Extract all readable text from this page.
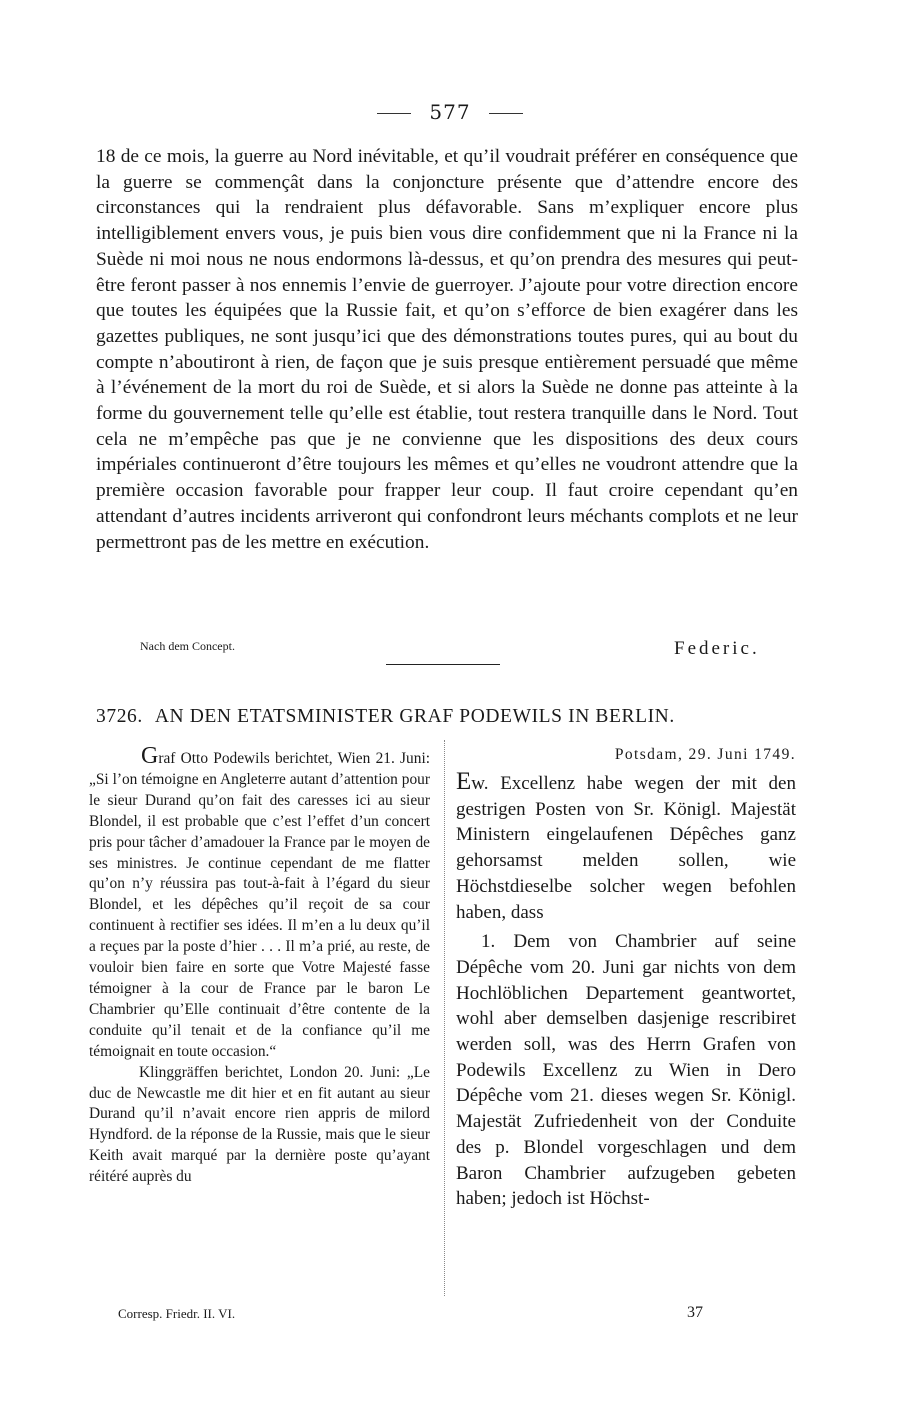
577

18 de ce mois, la guerre au Nord inévitable, et qu’il voudrait préférer en conséquence que la guerre se commençât dans la conjoncture présente que d’attendre encore des circonstances qui la rendraient plus défavorable. Sans m’expliquer encore plus intelligiblement envers vous, je puis bien vous dire confidemment que ni la France ni la Suède ni moi nous ne nous endormons là-dessus, et qu’on prendra des mesures qui peut-être feront passer à nos ennemis l’envie de guerroyer. J’ajoute pour votre direction encore que toutes les équipées que la Russie fait, et qu’on s’efforce de bien exagérer dans les gazettes publiques, ne sont jusqu’ici que des démonstrations toutes pures, qui au bout du compte n’aboutiront à rien, de façon que je suis presque entièrement persuadé que même à l’événement de la mort du roi de Suède, et si alors la Suède ne donne pas atteinte à la forme du gouvernement telle qu’elle est établie, tout restera tranquille dans le Nord. Tout cela ne m’empêche pas que je ne convienne que les dispositions des deux cours impériales continueront d’être toujours les mêmes et qu’elles ne voudront attendre que la première occasion favorable pour frapper leur coup. Il faut croire cependant qu’en attendant d’autres incidents arriveront qui confondront leurs méchants complots et ne leur permettront pas de les mettre en exécution.

Nach dem Concept.	Federic.
3726. AN DEN ETATSMINISTER GRAF PODEWILS IN BERLIN.

Graf Otto Podewils berichtet, Wien 21. Juni: „Si l’on témoigne en Angleterre autant d’attention pour le sieur Durand qu’on fait des caresses ici au sieur Blondel, il est probable que c’est l’effet d’un concert pris pour tâcher d’amadouer la France par le moyen de ses ministres. Je continue cependant de me flatter qu’on n’y réussira pas tout-à-fait à l’égard du sieur Blondel, et les dépêches qu’il reçoit de sa cour continuent à rectifier ses idées. Il m’en a lu deux qu’il a reçues par la poste d’hier . . . Il m’a prié, au reste, de vouloir bien faire en sorte que Votre Majesté fasse témoigner à la cour de France par le baron Le Chambrier qu’Elle continuait d’être contente de la conduite qu’il tenait et de la confiance qu’il me témoignait en toute occasion.“

Klinggräffen berichtet, London 20. Juni: „Le duc de Newcastle me dit hier et en fit autant au sieur Durand qu’il n’avait encore rien appris de milord Hyndford. de la réponse de la Russie, mais que le sieur Keith avait marqué par la dernière poste qu’ayant réitéré auprès du

Potsdam, 29. Juni 1749.

Ew. Excellenz habe wegen der mit den gestrigen Posten von Sr. Königl. Majestät Ministern eingelaufenen Dépêches ganz gehorsamst melden sollen, wie Höchstdieselbe solcher wegen befohlen haben, dass

1. Dem von Chambrier auf seine Dépêche vom 20. Juni gar nichts von dem Hochlöblichen Departement geantwortet, wohl aber demselben dasjenige rescribiret werden soll, was des Herrn Grafen von Podewils Excellenz zu Wien in Dero Dépêche vom 21. dieses wegen Sr. Königl. Majestät Zufriedenheit von der Conduite des p. Blondel vorgeschlagen und dem Baron Chambrier aufzugeben gebeten haben; jedoch ist Höchst-

Corresp. Friedr. II. VI.	37
